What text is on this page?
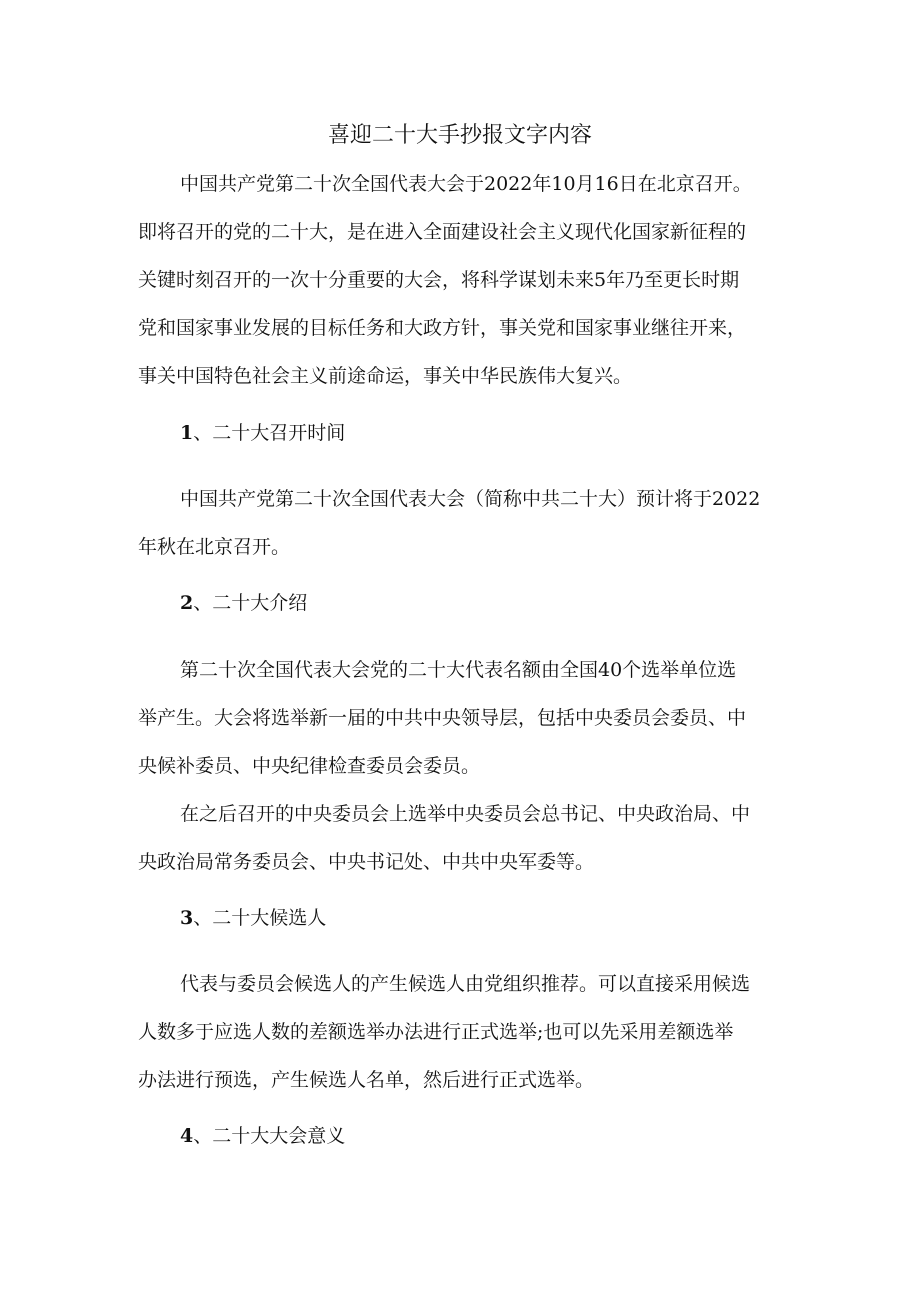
喜迎二十大手抄报文字内容

中国共产党第二十次全国代表大会于2022年10月16日在北京召开。

即将召开的党的二十大，是在进入全面建设社会主义现代化国家新征程的

关键时刻召开的一次十分重要的大会，将科学谋划未来5年乃至更长时期

党和国家事业发展的目标任务和大政方针，事关党和国家事业继往开来，

事关中国特色社会主义前途命运，事关中华民族伟大复兴。

1、二十大召开时间

中国共产党第二十次全国代表大会（简称中共二十大）预计将于2022

年秋在北京召开。

2、二十大介绍

第二十次全国代表大会党的二十大代表名额由全国40个选举单位选

举产生。大会将选举新一届的中共中央领导层，包括中央委员会委员、中

央候补委员、中央纪律检查委员会委员。

在之后召开的中央委员会上选举中央委员会总书记、中央政治局、中

央政治局常务委员会、中央书记处、中共中央军委等。

3、二十大候选人

代表与委员会候选人的产生候选人由党组织推荐。可以直接采用候选

人数多于应选人数的差额选举办法进行正式选举;也可以先采用差额选举

办法进行预选，产生候选人名单，然后进行正式选举。

4、二十大大会意义
